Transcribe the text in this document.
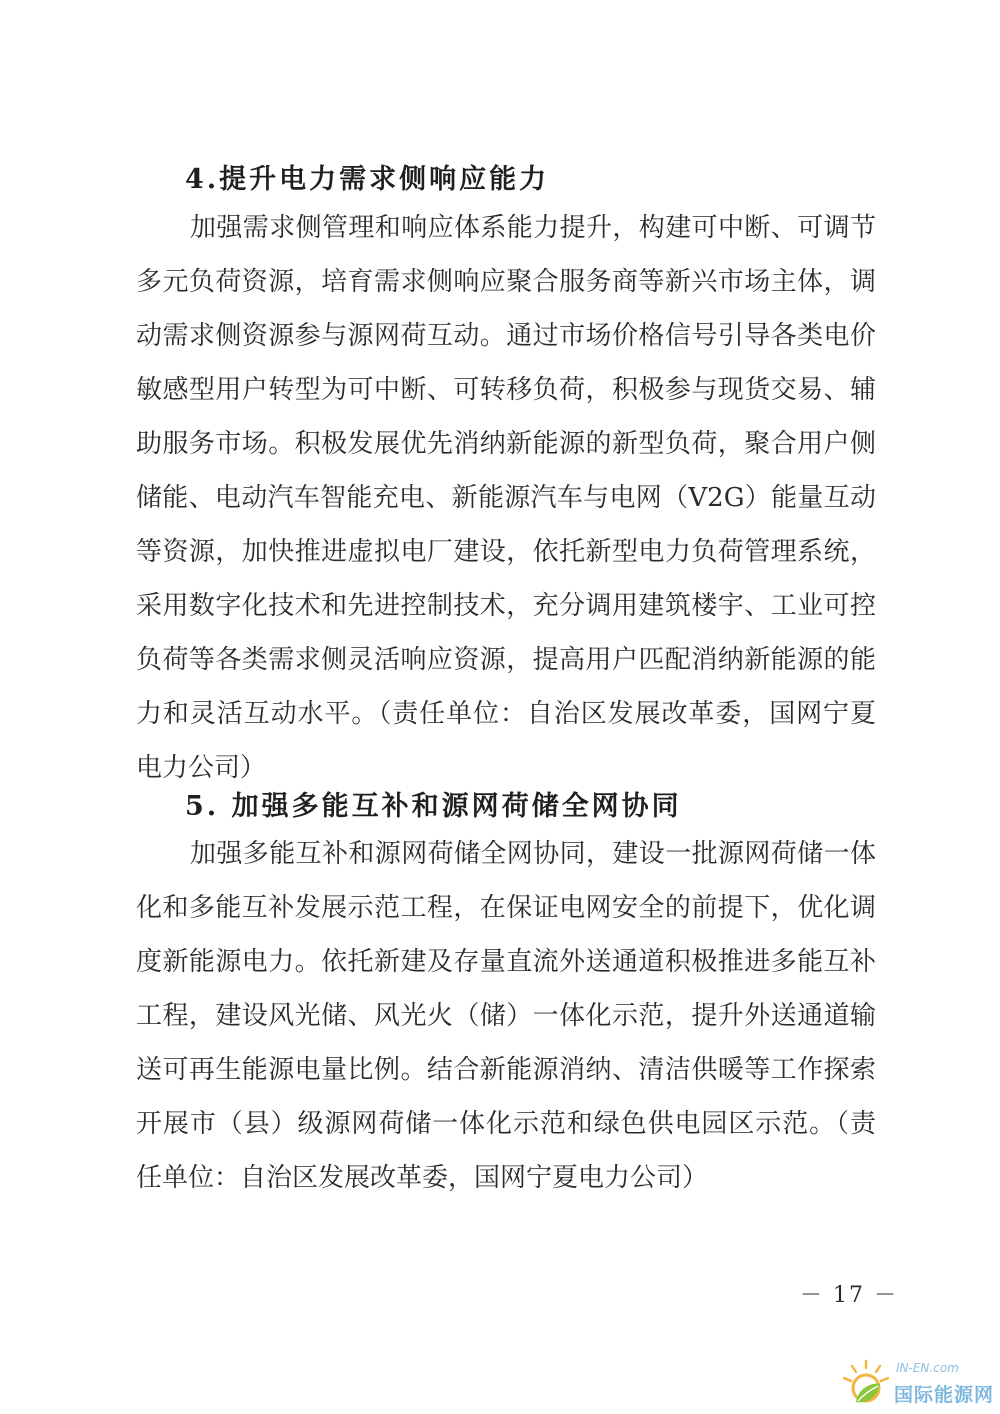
4.提升电力需求侧响应能力
加强需求侧管理和响应体系能力提升，构建可中断、可调节
多元负荷资源，培育需求侧响应聚合服务商等新兴市场主体，调
动需求侧资源参与源网荷互动。通过市场价格信号引导各类电价
敏感型用户转型为可中断、可转移负荷，积极参与现货交易、辅
助服务市场。积极发展优先消纳新能源的新型负荷，聚合用户侧
储能、电动汽车智能充电、新能源汽车与电网（V2G）能量互动
等资源，加快推进虚拟电厂建设，依托新型电力负荷管理系统，
采用数字化技术和先进控制技术，充分调用建筑楼宇、工业可控
负荷等各类需求侧灵活响应资源，提高用户匹配消纳新能源的能
力和灵活互动水平。（责任单位：自治区发展改革委，国网宁夏
电力公司）
5. 加强多能互补和源网荷储全网协同
加强多能互补和源网荷储全网协同，建设一批源网荷储一体
化和多能互补发展示范工程，在保证电网安全的前提下，优化调
度新能源电力。依托新建及存量直流外送通道积极推进多能互补
工程，建设风光储、风光火（储）一体化示范，提升外送通道输
送可再生能源电量比例。结合新能源消纳、清洁供暖等工作探索
开展市（县）级源网荷储一体化示范和绿色供电园区示范。（责
任单位：自治区发展改革委，国网宁夏电力公司）
－ 17 －
IN-EN.com
国际能源网
